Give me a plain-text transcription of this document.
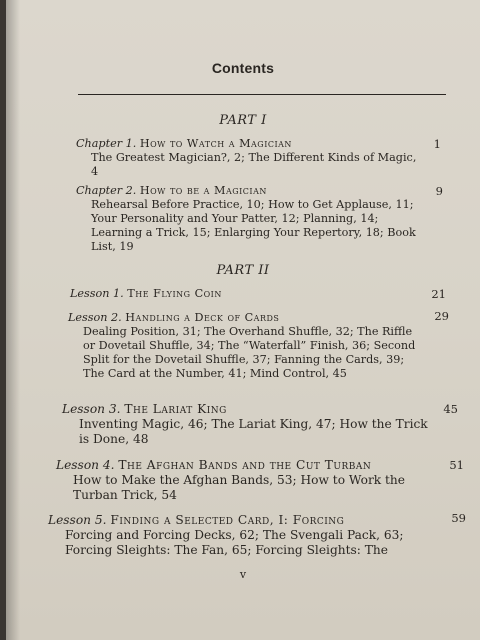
Contents
PART I
Chapter 1. How to Watch a Magician
The Greatest Magician?, 2; The Different Kinds of Magic, 4
1
Chapter 2. How to be a Magician
Rehearsal Before Practice, 10; How to Get Applause, 11; Your Personality and Your Patter, 12; Planning, 14; Learning a Trick, 15; Enlarging Your Repertory, 18; Book List, 19
9
PART II
Lesson 1. The Flying Coin	21
Lesson 2. Handling a Deck of Cards
Dealing Position, 31; The Overhand Shuffle, 32; The Riffle or Dovetail Shuffle, 34; The “Waterfall” Finish, 36; Second Split for the Dovetail Shuffle, 37; Fanning the Cards, 39; The Card at the Number, 41; Mind Control, 45
29
Lesson 3. The Lariat King
Inventing Magic, 46; The Lariat King, 47; How the Trick is Done, 48
45
Lesson 4. The Afghan Bands and the Cut Turban
How to Make the Afghan Bands, 53; How to Work the Turban Trick, 54
51
Lesson 5. Finding a Selected Card, I: Forcing
Forcing and Forcing Decks, 62; The Svengali Pack, 63; Forcing Sleights: The Fan, 65; Forcing Sleights: The
59
v
